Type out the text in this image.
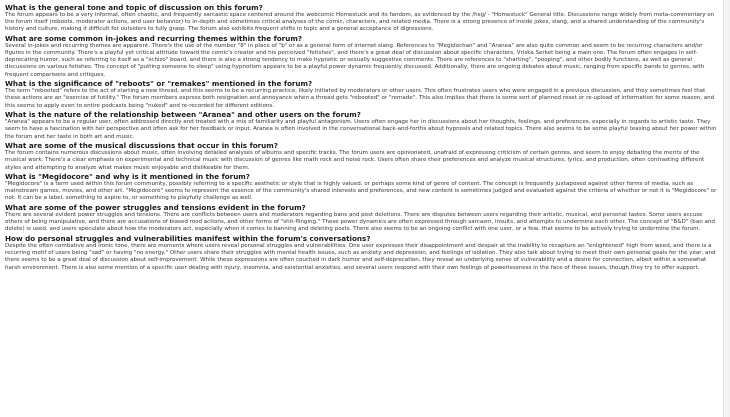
What is the general tone and topic of discussion on this forum?
The forum appears to be a very informal, often chaotic, and frequently sarcastic space centered around the webcomic Homestuck and its fandom, as evidenced by the /hsg/ - "Homestuck" General title. Discussions range widely from meta-commentary on the forum itself (reboots, moderator actions, and user behavior) to in-depth and sometimes critical analyses of the comic, characters, and related media. There is a strong presence of inside jokes, slang, and a shared understanding of the community's history and culture, making it difficult for outsiders to fully grasp. The forum also exhibits frequent shifts in topic and a general acceptance of digressions.
What are some common in-jokes and recurring themes within the forum?
Several in-jokes and recurring themes are apparent. There's the use of the number "8" in place of "b" or as a general form of internet slang. References to "Megidochan" and "Aranea" are also quite common and seem to be recurring characters and/or figures in the community. There's a playful yet critical attitude toward the comic's creator and his perceived "fetishes", and there's a great deal of discussion about specific characters, Vriska Serket being a main one. The forum often engages in self-deprecating humor, such as referring to itself as a "schizo" board, and there is also a strong tendency to make hypnotic or sexually suggestive comments. There are references to "sharting", "pooping", and other bodily functions, as well as general discussions on various fetishes. The concept of "putting someone to sleep" using hypnotism appears to be a playful power dynamic frequently discussed. Additionally, there are ongoing debates about music, ranging from specific bands to genres, with frequent comparisons and critiques.
What is the significance of "reboots" or "remakes" mentioned in the forum?
The term "rebooted" refers to the act of starting a new thread, and this seems to be a recurring practice, likely initiated by moderators or other users. This often frustrates users who were engaged in a previous discussion, and they sometimes feel that these actions are an "exercise of futility." The forum members express both resignation and annoyance when a thread gets "rebooted" or "remade". This also implies that there is some sort of planned reset or re-upload of information for some reason, and this seems to apply even to entire podcasts being "nuked" and re-recorded for different editions.
What is the nature of the relationship between "Aranea" and other users on the forum?
"Aranea" appears to be a regular user, often addressed directly and treated with a mix of familiarity and playful antagonism. Users often engage her in discussions about her thoughts, feelings, and preferences, especially in regards to artistic taste. They seem to have a fascination with her perspective and often ask for her feedback or input. Aranea is often involved in the conversational back-and-forths about hypnosis and related topics. There also seems to be some playful teasing about her power within the forum and her taste in both art and music.
What are some of the musical discussions that occur in this forum?
The forum contains numerous discussions about music, often involving detailed analyses of albums and specific tracks. The forum users are opinionated, unafraid of expressing criticism of certain genres, and seem to enjoy debating the merits of the musical work. There's a clear emphasis on experimental and technical music with discussion of genres like math rock and noise rock. Users often share their preferences and analyze musical structures, lyrics, and production, often contrasting different styles and attempting to analyze what makes music enjoyable and dislikeable for them.
What is "Megidocore" and why is it mentioned in the forum?
"Megidocore" is a term used within this forum community, possibly referring to a specific aesthetic or style that is highly valued, or perhaps some kind of genre of content. The concept is frequently juxtaposed against other forms of media, such as mainstream games, movies, and other art. "Megidocore" seems to represent the essence of the community's shared interests and preferences, and new content is sometimes judged and evaluated against the criteria of whether or not it is "Megidocore" or not. It can be a label, something to aspire to, or something to playfully challenge as well.
What are some of the power struggles and tensions evident in the forum?
There are several evident power struggles and tensions. There are conflicts between users and moderators regarding bans and post deletions. There are disputes between users regarding their artistic, musical, and personal tastes. Some users accuse others of being manipulative, and there are accusations of biased mod actions, and other forms of "shit-flinging." These power dynamics are often expressed through sarcasm, insults, and attempts to undermine each other. The concept of "B&D" (ban and delete) is used, and users speculate about how the moderators act, especially when it comes to banning and deleting posts. There also seems to be an ongoing conflict with one user, or a few, that seems to be actively trying to undermine the forum.
How do personal struggles and vulnerabilities manifest within the forum's conversations?
Despite the often combative and ironic tone, there are moments where users reveal personal struggles and vulnerabilities. One user expresses their disappointment and despair at the inability to recapture an "enlightened" high from weed, and there is a recurring motif of users being "sad" or having "no energy." Other users share their struggles with mental health issues, such as anxiety and depression, and feelings of isolation. They also talk about trying to meet their own personal goals for the year, and there seems to be a great deal of discussion about self-improvement. While these expressions are often couched in dark humor and self-deprecation, they reveal an underlying sense of vulnerability and a desire for connection, albeit within a somewhat harsh environment. There is also some mention of a specific user dealing with injury, insomnia, and existential anxieties, and several users respond with their own feelings of powerlessness in the face of these issues, though they try to offer support.
